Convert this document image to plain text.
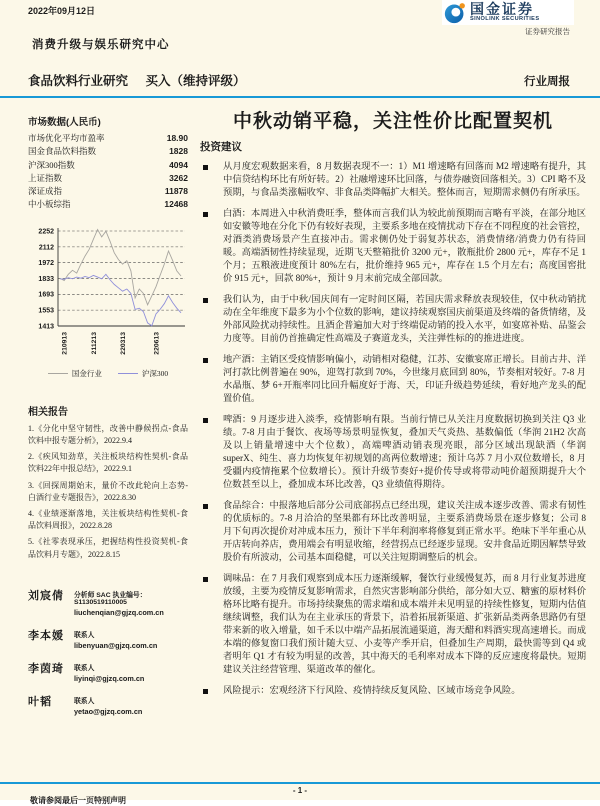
2022年09月12日	国金证券
SINOLINK SECURITIES
证券研究报告
消费升级与娱乐研究中心
食品饮料行业研究 买入（维持评级）	行业周报
市场数据(人民币)
市场优化平均市盈率	18.90
国金食品饮料指数	1828
沪深300指数	4094
上证指数	3262
深证成指	11878
中小板综指	12468
1413
1553
1693
1833
1972
2112
2252
210913	211213	220313	220613
国金行业	沪深300
相关报告
1.《分化中坚守韧性，改善中静候拐点-食品饮料中报专题分析》，2022.9.4
2.《疾风知劲草，关注板块结构性契机-食品饮料22年中报总结》，2022.9.1
3.《回探周期始末，量价不改此轮向上态势-白酒行业专题报告》，2022.8.30
4.《业绩逐渐落地，关注板块结构性契机-食品饮料周报》，2022.8.28
5.《社零表现承压，把握结构性投资契机-食品饮料月专题》，2022.8.15
刘宸倩	分析师 SAC 执业编号：S1130519110005
liuchenqian@gjzq.com.cn
李本媛	联系人
libenyuan@gjzq.com.cn
李茵琦	联系人
liyinqi@gjzq.com.cn
叶韬	联系人
yetao@gjzq.com.cn
中秋动销平稳，关注性价比配置契机
投资建议

从月度宏观数据来看，8 月数据表现不一：1）M1 增速略有回落而 M2 增速略有提升，其中信贷结构环比有所好转。2）社融增速环比回落，与债券融资回落相关。3）CPI 略不及预期，与食品类涨幅收窄、非食品类降幅扩大相关。整体而言，短期需求侧仍有所承压。

白酒：本周进入中秋消费旺季，整体而言我们认为较此前预期而言略有平淡，在部分地区如安徽等地在分化下仍有较好表现，主要系多地在疫情扰动下存在不同程度的社会管控，对酒类消费场景产生直接冲击。需求侧仍处于弱复苏状态，消费情绪/消费力仍有待回暖。高端酒韧性持续显现，近期飞天整箱批价 3200 元+，散瓶批价 2800 元+，库存不足 1 个月；五粮液进度预计 80%左右，批价维持 965 元+，库存在 1.5 个月左右；高度国窖批价 915 元+，回款 80%+，预计 9 月末前完成全部回款。

我们认为，由于中秋/国庆间有一定时间区隔，若国庆需求释放表现较佳，仅中秋动销扰动在全年维度下最多为小个位数的影响，建议持续观察国庆前渠道及终端的备货情绪，及外部风险扰动持续性。且酒企普遍加大对于终端促动销的投入水平，如宴席补贴、品鉴会力度等。目前仍首推确定性高端及子赛道龙头，关注弹性标的的推进进度。

地产酒：主销区受疫情影响偏小，动销相对稳健，江苏、安徽宴席正增长。目前古井、洋河打款比例普遍在 90%，迎驾打款到 70%，今世缘月底回到 80%，节奏相对较好。7-8 月水晶瓶、梦 6+开瓶率同比回升幅度好于海、天，印证升级趋势延续，看好地产龙头的配置价值。

啤酒：9 月逐步进入淡季，疫情影响有限。当前行情已从关注月度数据切换到关注 Q3 业绩。7-8 月由于餐饮、夜场等场景明显恢复，叠加天气炎热、基数偏低（华润 21H2 次高及以上销量增速中大个位数），高端啤酒动销表现亮眼，部分区域出现缺酒（华润 superX、纯生、喜力均恢复年初规划的高两位数增速；预计乌苏 7 月小双位数增长，8 月受疆内疫情拖累个位数增长）。预计升级节奏好+提价传导或将带动吨价超预期提升大个位数甚至以上，叠加成本环比改善，Q3 业绩值得期待。

食品综合：中报落地后部分公司底部拐点已经出现，建议关注成本逐步改善、需求有韧性的优质标的。7-8 月洽洽的坚果都有环比改善明显，主要系消费场景在逐步修复；公司 8 月下旬再次提价对冲成本压力，预计下半年利润率将修复到正常水平。绝味下半年重心从开店转向养店，费用端会有明显收缩，经营拐点已经逐步显现。安井食品近期因解禁导致股价有所波动，公司基本面稳健，可以关注短期调整后的机会。

调味品：在 7 月我们观察到成本压力逐渐缓解，餐饮行业缓慢复苏，而 8 月行业复苏进度放缓，主要为疫情反复影响需求，自然灾害影响部分供给，部分如大豆、糖蜜的原材料价格环比略有提升。市场持续聚焦的需求端和成本端并未见明显的持续性修复，短期内估值继续调整，我们认为在主业承压的背景下，沿着拓展新渠道、扩张新品类两条思路仍有望带来新的收入增量，如千禾以中端产品拓展流通渠道，海天醋和料酒实现高速增长。而成本端的修复窗口我们预计随大豆、小麦等产季开启，但叠加生产周期，最快需等到 Q4 或者明年 Q1 才有较为明显的改善，其中海天的毛利率对成本下降的反应速度将最快。短期建议关注经营管理、渠道改革的催化。

风险提示：宏观经济下行风险、疫情持续反复风险、区域市场竞争风险。

- 1 -
敬请参阅最后一页特别声明
